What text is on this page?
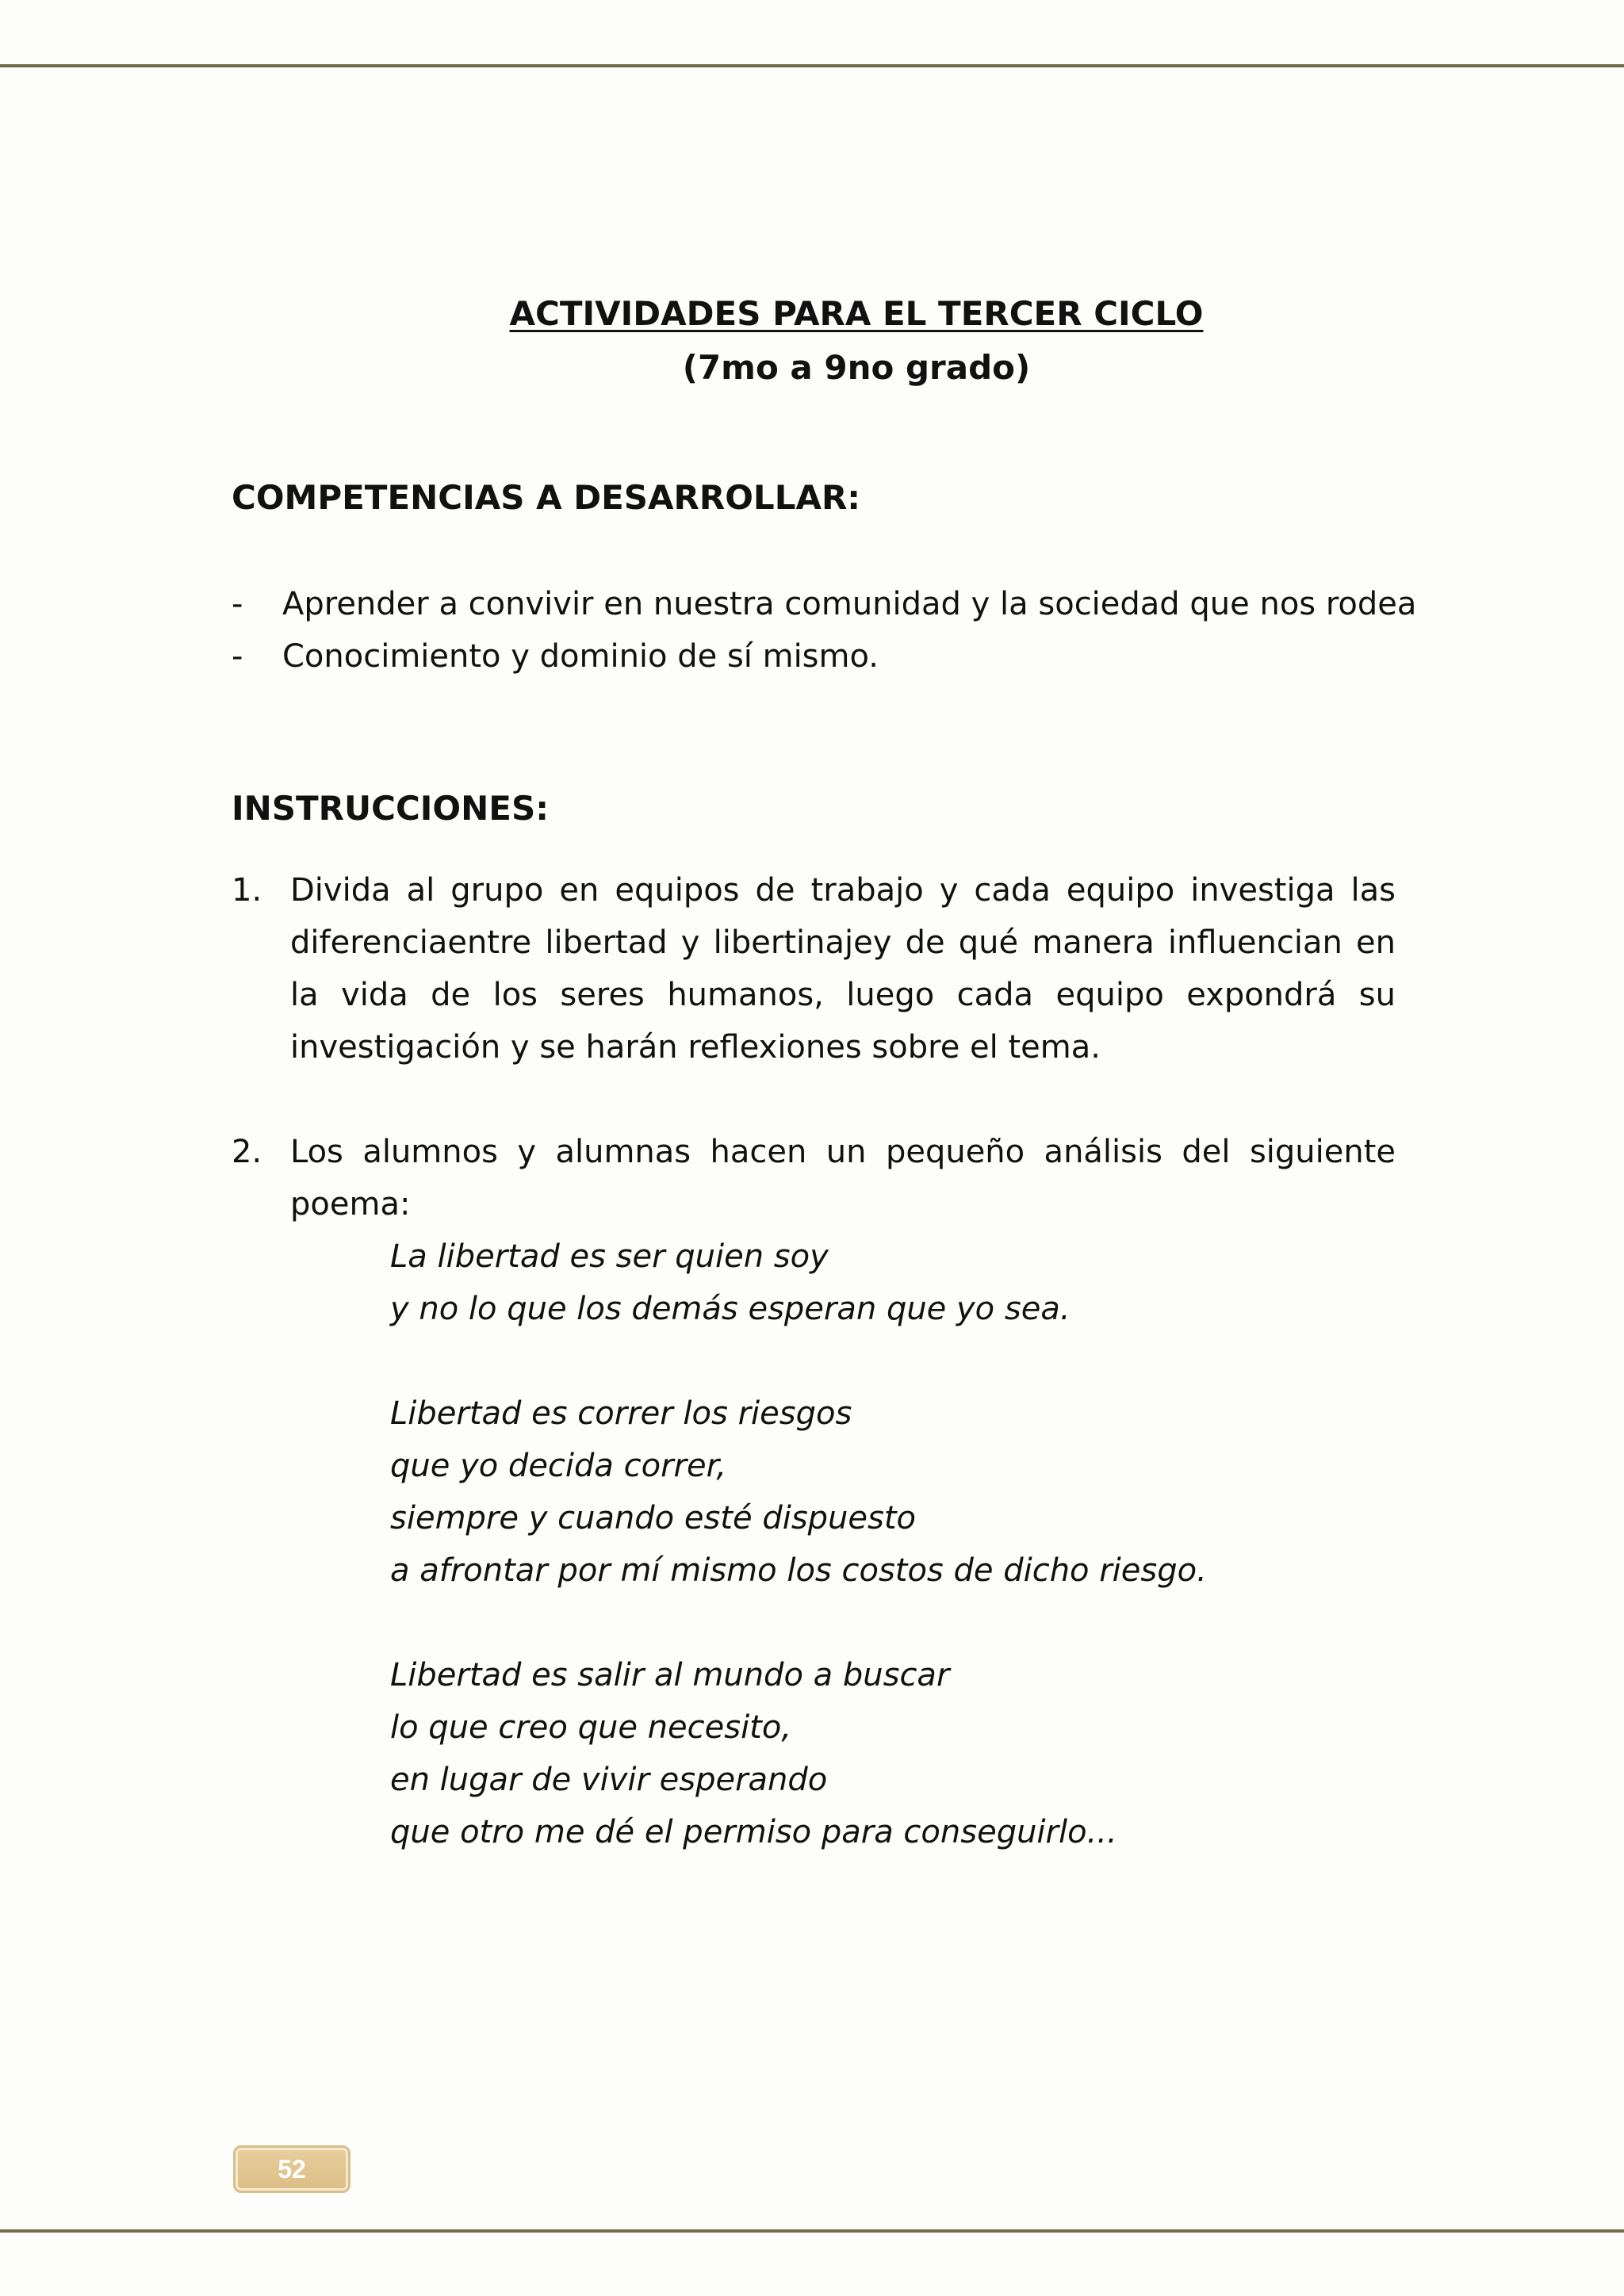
ACTIVIDADES PARA EL TERCER CICLO
(7mo a 9no grado)
COMPETENCIAS A DESARROLLAR:
- Aprender a convivir en nuestra comunidad y la sociedad que nos rodea
- Conocimiento y dominio de sí mismo.
INSTRUCCIONES:
1. Divida al grupo en equipos de trabajo y cada equipo investiga las diferenciaentre libertad y libertinajey de qué manera influencian en la vida de los seres humanos, luego cada equipo expondrá su investigación y se harán reflexiones sobre el tema.
2. Los alumnos y alumnas hacen un pequeño análisis del siguiente poema:
La libertad es ser quien soy
y no lo que los demás esperan que yo sea.
Libertad es correr los riesgos
que yo decida correr,
siempre y cuando esté dispuesto
a afrontar por mí mismo los costos de dicho riesgo.
Libertad es salir al mundo a buscar
lo que creo que necesito,
en lugar de vivir esperando
que otro me dé el permiso para conseguirlo...
52
